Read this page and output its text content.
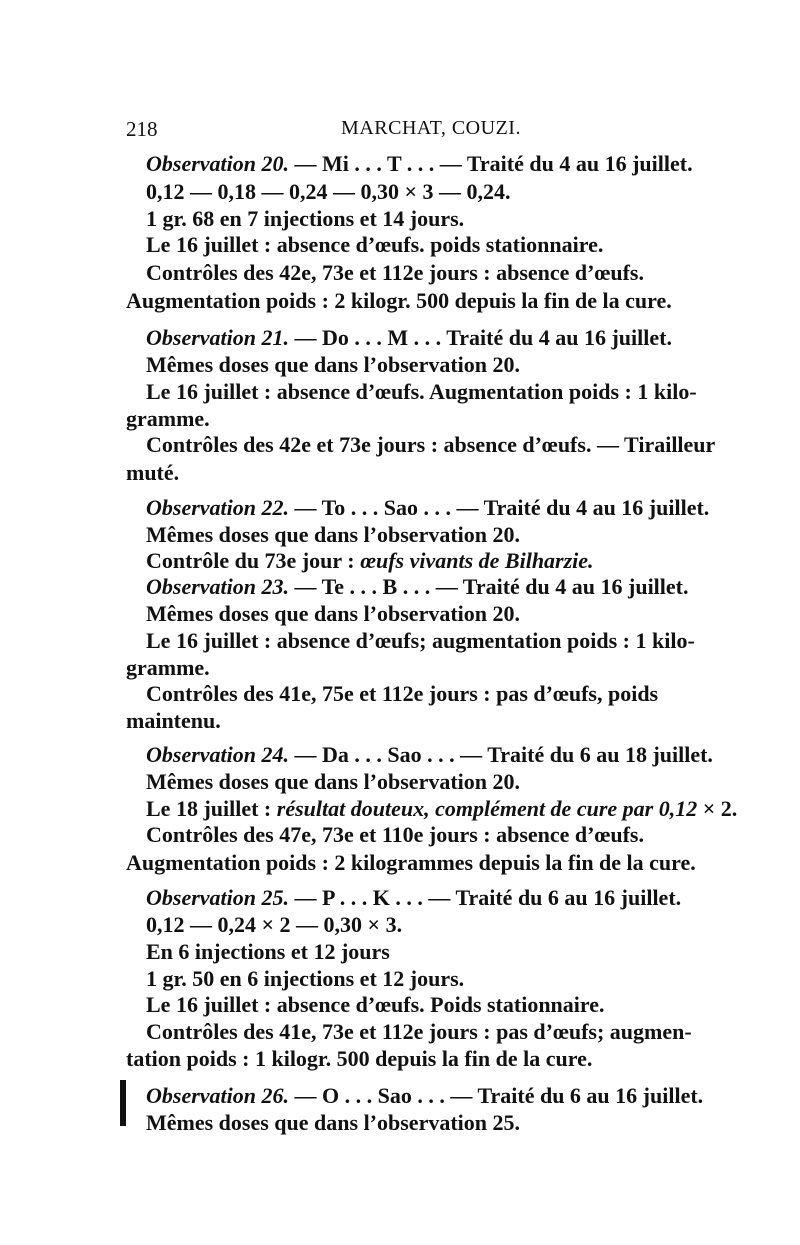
218	MARCHAT, COUZI.
Observation 20. — Mi . . . T . . . — Traité du 4 au 16 juillet.
0,12 — 0,18 — 0,24 — 0,30 × 3 — 0,24.
1 gr. 68 en 7 injections et 14 jours.
Le 16 juillet : absence d’œufs. poids stationnaire.
Contrôles des 42e, 73e et 112e jours : absence d’œufs.
Augmentation poids : 2 kilogr. 500 depuis la fin de la cure.
Observation 21. — Do . . . M . . . Traité du 4 au 16 juillet.
Mêmes doses que dans l’observation 20.
Le 16 juillet : absence d’œufs. Augmentation poids : 1 kilo-
gramme.
Contrôles des 42e et 73e jours : absence d’œufs. — Tirailleur
muté.
Observation 22. — To . . . Sao . . . — Traité du 4 au 16 juillet.
Mêmes doses que dans l’observation 20.
Contrôle du 73e jour : œufs vivants de Bilharzie.
Observation 23. — Te . . . B . . . — Traité du 4 au 16 juillet.
Mêmes doses que dans l’observation 20.
Le 16 juillet : absence d’œufs; augmentation poids : 1 kilo-
gramme.
Contrôles des 41e, 75e et 112e jours : pas d’œufs, poids
maintenu.
Observation 24. — Da . . . Sao . . . — Traité du 6 au 18 juillet.
Mêmes doses que dans l’observation 20.
Le 18 juillet : résultat douteux, complément de cure par 0,12 × 2.
Contrôles des 47e, 73e et 110e jours : absence d’œufs.
Augmentation poids : 2 kilogrammes depuis la fin de la cure.
Observation 25. — P . . . K . . . — Traité du 6 au 16 juillet.
0,12 — 0,24 × 2 — 0,30 × 3.
En 6 injections et 12 jours
1 gr. 50 en 6 injections et 12 jours.
Le 16 juillet : absence d’œufs. Poids stationnaire.
Contrôles des 41e, 73e et 112e jours : pas d’œufs; augmen-
tation poids : 1 kilogr. 500 depuis la fin de la cure.
Observation 26. — O . . . Sao . . . — Traité du 6 au 16 juillet.
Mêmes doses que dans l’observation 25.
